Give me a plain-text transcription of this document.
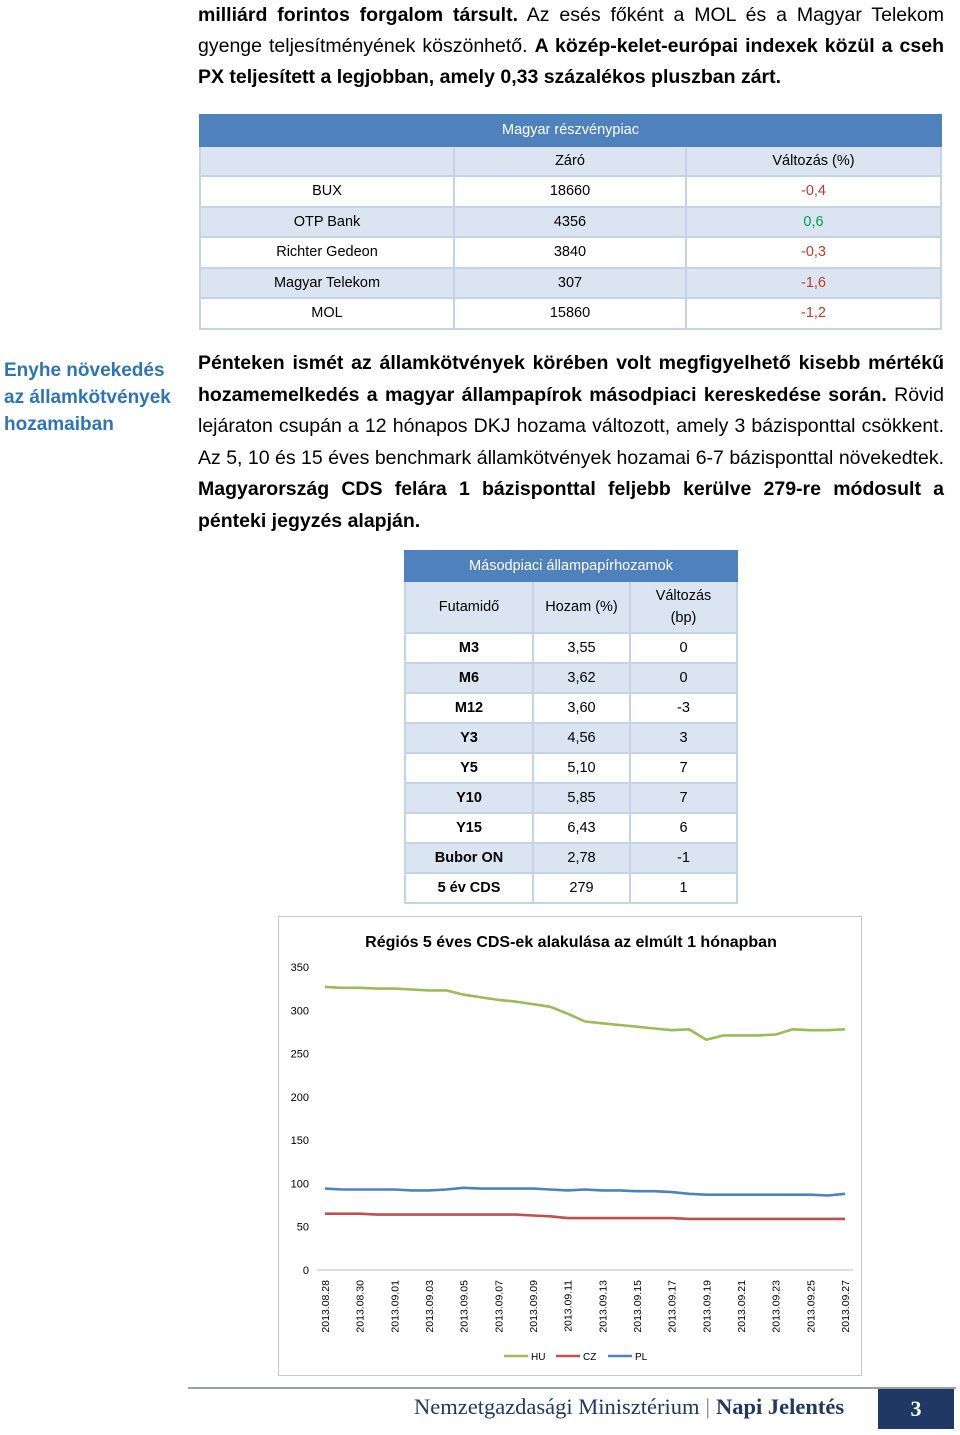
milliárd forintos forgalom társult. Az esés főként a MOL és a Magyar Telekom gyenge teljesítményének köszönhető. A közép-kelet-európai indexek közül a cseh PX teljesített a legjobban, amely 0,33 százalékos pluszban zárt.
Magyar részvénypiac		
	Záró	Változás (%)
BUX	18660	-0,4
OTP Bank	4356	0,6
Richter Gedeon	3840	-0,3
Magyar Telekom	307	-1,6
MOL	15860	-1,2
Enyhe növekedés az államkötvények hozamaiban
Pénteken ismét az államkötvények körében volt megfigyelhető kisebb mértékű hozamemelkedés a magyar állampapírok másodpiaci kereskedése során. Rövid lejáraton csupán a 12 hónapos DKJ hozama változott, amely 3 bázisponttal csökkent. Az 5, 10 és 15 éves benchmark államkötvények hozamai 6-7 bázisponttal növekedtek. Magyarország CDS felára 1 bázisponttal feljebb kerülve 279-re módosult a pénteki jegyzés alapján.
Másodpiaci állampapírhozamok		
Futamidő	Hozam (%)	Változás
(bp)
M3	3,55	0
M6	3,62	0
M12	3,60	-3
Y3	4,56	3
Y5	5,10	7
Y10	5,85	7
Y15	6,43	6
Bubor ON	2,78	-1
5 év CDS	279	1
Régiós 5 éves CDS-ek alakulása az elmúlt 1 hónapban
0
50
100
150
200
250
300
350
2013.08.28 2013.08.30 2013.09.01 2013.09.03 2013.09.05 2013.09.07 2013.09.09 2013.09.11 2013.09.13 2013.09.15 2013.09.17 2013.09.19 2013.09.21 2013.09.23 2013.09.25 2013.09.27
HU	CZ	PL
Nemzetgazdasági Minisztérium | Napi Jelentés	3
